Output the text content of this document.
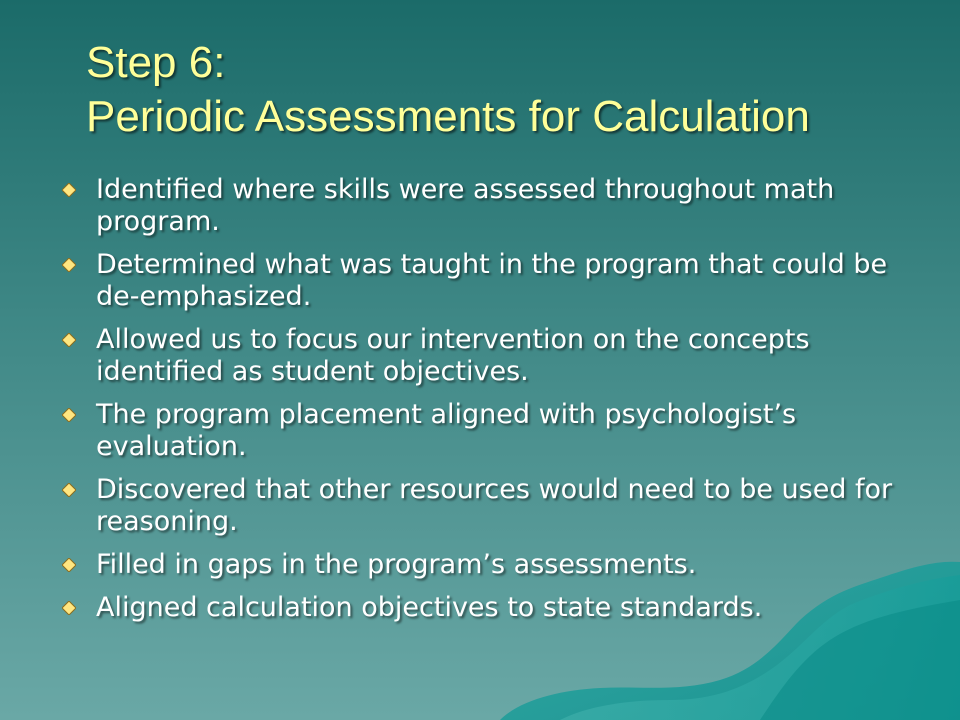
Step 6:
Periodic Assessments for Calculation
Identified where skills were assessed throughout math program.
Determined what was taught in the program that could be de-emphasized.
Allowed us to focus our intervention on the concepts identified as student objectives.
The program placement aligned with psychologist’s evaluation.
Discovered that other resources would need to be used for reasoning.
Filled in gaps in the program’s assessments.
Aligned calculation objectives to state standards.
